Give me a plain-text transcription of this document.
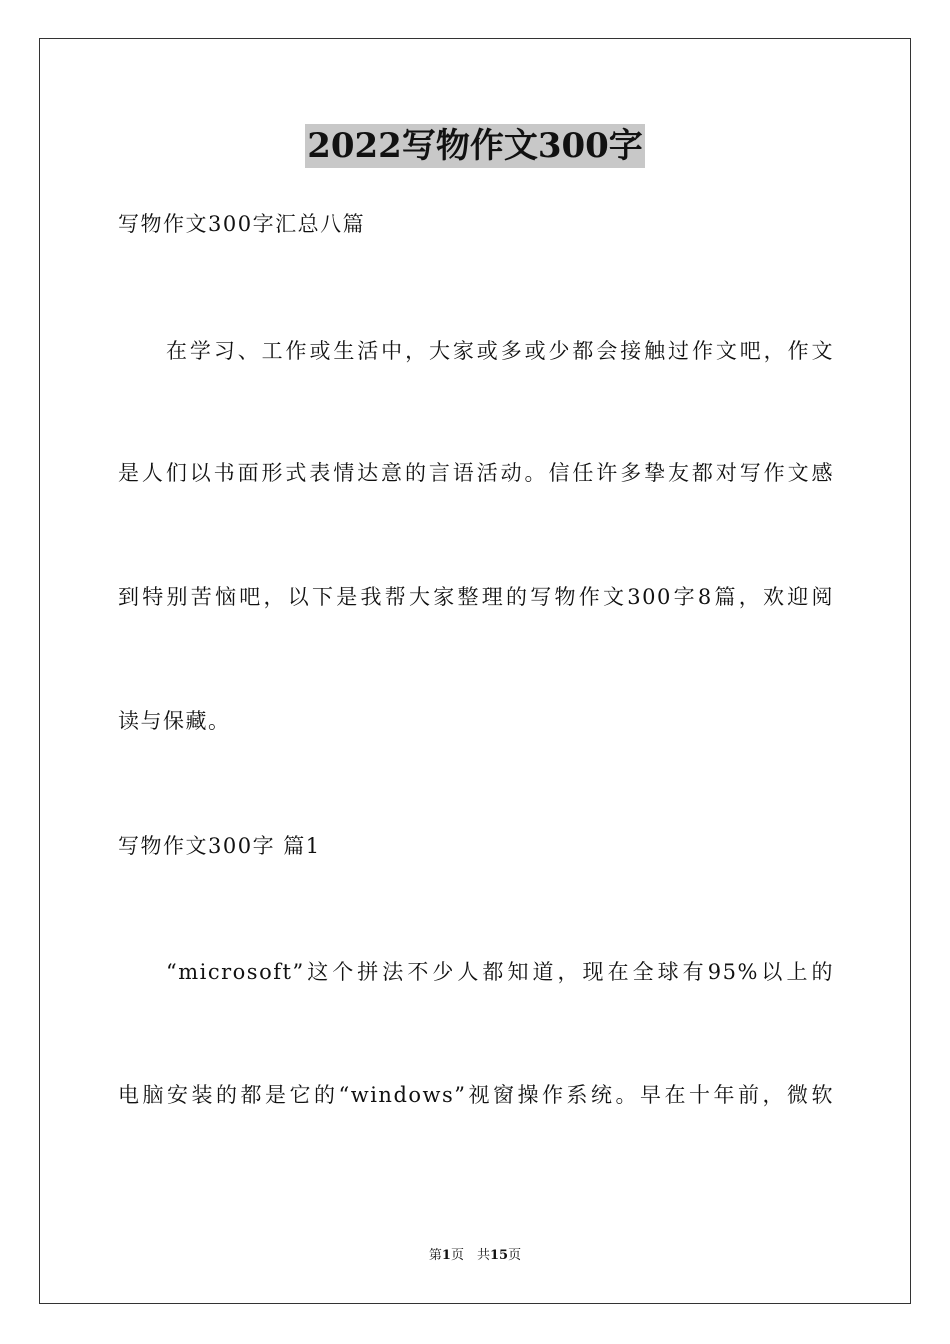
2022写物作文300字
写物作文300字汇总八篇
在学习、工作或生活中，大家或多或少都会接触过作文吧，作文
是人们以书面形式表情达意的言语活动。信任许多挚友都对写作文感
到特别苦恼吧，以下是我帮大家整理的写物作文300字8篇，欢迎阅
读与保藏。
写物作文300字 篇1
“microsoft”这个拼法不少人都知道，现在全球有95%以上的
电脑安装的都是它的“windows”视窗操作系统。早在十年前，微软
第1页　共15页
